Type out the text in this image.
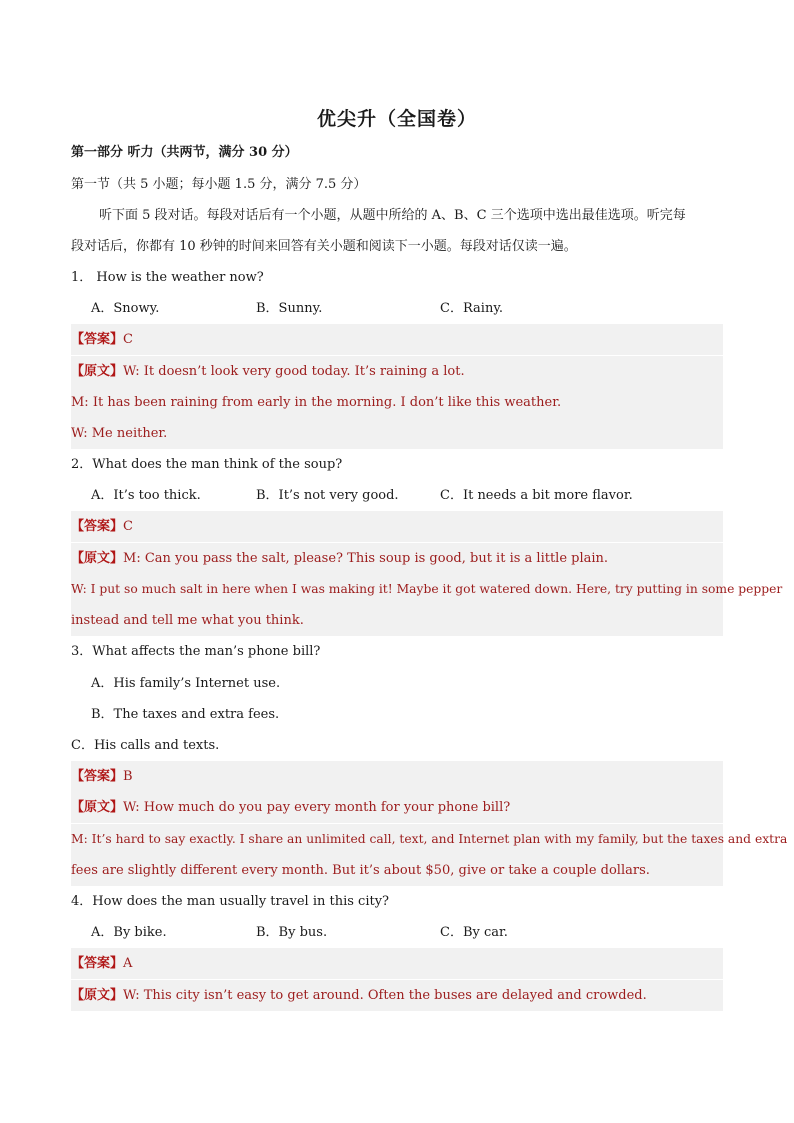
优尖升（全国卷）
第一部分 听力（共两节，满分 30 分）
第一节（共 5 小题；每小题 1.5 分，满分 7.5 分）
听下面 5 段对话。每段对话后有一个小题，从题中所给的 A、B、C 三个选项中选出最佳选项。听完每
段对话后，你都有 10 秒钟的时间来回答有关小题和阅读下一小题。每段对话仅读一遍。
1． How is the weather now?
A．Snowy.	B．Sunny.	C．Rainy.
【答案】C
【原文】W: It doesn’t look very good today. It’s raining a lot.
M: It has been raining from early in the morning. I don’t like this weather.
W: Me neither.
2．What does the man think of the soup?
A．It’s too thick.	B．It’s not very good.	C．It needs a bit more flavor.
【答案】C
【原文】M: Can you pass the salt, please? This soup is good, but it is a little plain.
W: I put so much salt in here when I was making it! Maybe it got watered down. Here, try putting in some pepper
instead and tell me what you think.
3．What affects the man’s phone bill?
A．His family’s Internet use.
B．The taxes and extra fees.
C．His calls and texts.
【答案】B
【原文】W: How much do you pay every month for your phone bill?
M: It’s hard to say exactly. I share an unlimited call, text, and Internet plan with my family, but the taxes and extra
fees are slightly different every month. But it’s about $50, give or take a couple dollars.
4．How does the man usually travel in this city?
A．By bike.	B．By bus.	C．By car.
【答案】A
【原文】W: This city isn’t easy to get around. Often the buses are delayed and crowded.
